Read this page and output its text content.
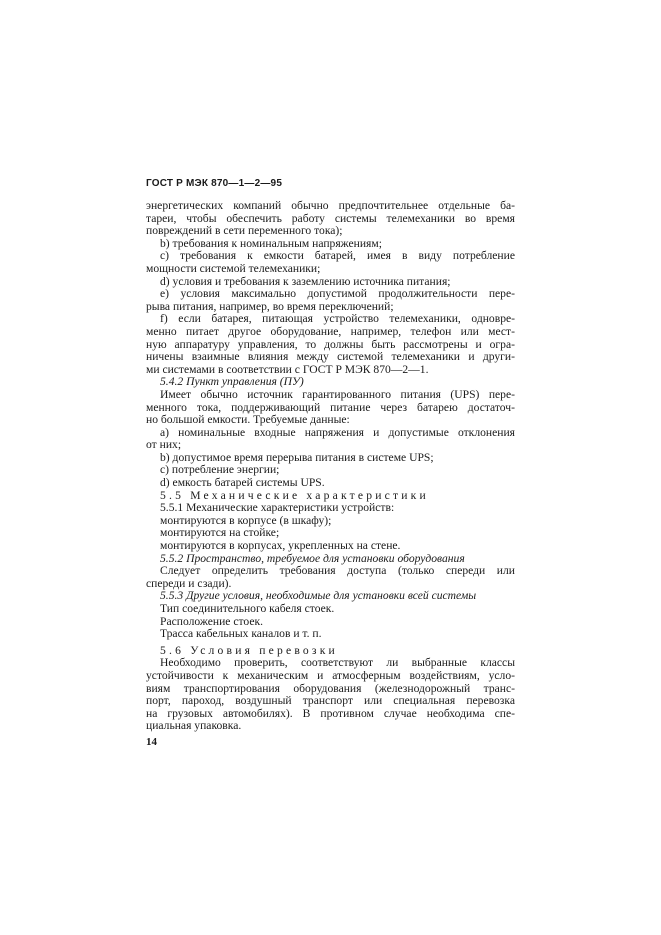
ГОСТ Р МЭК 870—1—2—95
энергетических компаний обычно предпочтительнее отдельные ба-
тареи, чтобы обеспечить работу системы телемеханики во время
повреждений в сети переменного тока);
b) требования к номинальным напряжениям;
c) требования к емкости батарей, имея в виду потребление
мощности системой телемеханики;
d) условия и требования к заземлению источника питания;
e) условия максимально допустимой продолжительности пере-
рыва питания, например, во время переключений;
f) если батарея, питающая устройство телемеханики, одновре-
менно питает другое оборудование, например, телефон или мест-
ную аппаратуру управления, то должны быть рассмотрены и огра-
ничены взаимные влияния между системой телемеханики и други-
ми системами в соответствии с ГОСТ Р МЭК 870—2—1.
5.4.2 Пункт управления (ПУ)
Имеет обычно источник гарантированного питания (UPS) пере-
менного тока, поддерживающий питание через батарею достаточ-
но большой емкости. Требуемые данные:
a) номинальные входные напряжения и допустимые отклонения
от них;
b) допустимое время перерыва питания в системе UPS;
c) потребление энергии;
d) емкость батарей системы UPS.
5.5 Механические характеристики
5.5.1 Механические характеристики устройств:
монтируются в корпусе (в шкафу);
монтируются на стойке;
монтируются в корпусах, укрепленных на стене.
5.5.2 Пространство, требуемое для установки оборудования
Следует определить требования доступа (только спереди или
спереди и сзади).
5.5.3 Другие условия, необходимые для установки всей системы
Тип соединительного кабеля стоек.
Расположение стоек.
Трасса кабельных каналов и т. п.
5.6 Условия перевозки
Необходимо проверить, соответствуют ли выбранные классы
устойчивости к механическим и атмосферным воздействиям, усло-
виям транспортирования оборудования (железнодорожный транс-
порт, пароход, воздушный транспорт или специальная перевозка
на грузовых автомобилях). В противном случае необходима спе-
циальная упаковка.
14
